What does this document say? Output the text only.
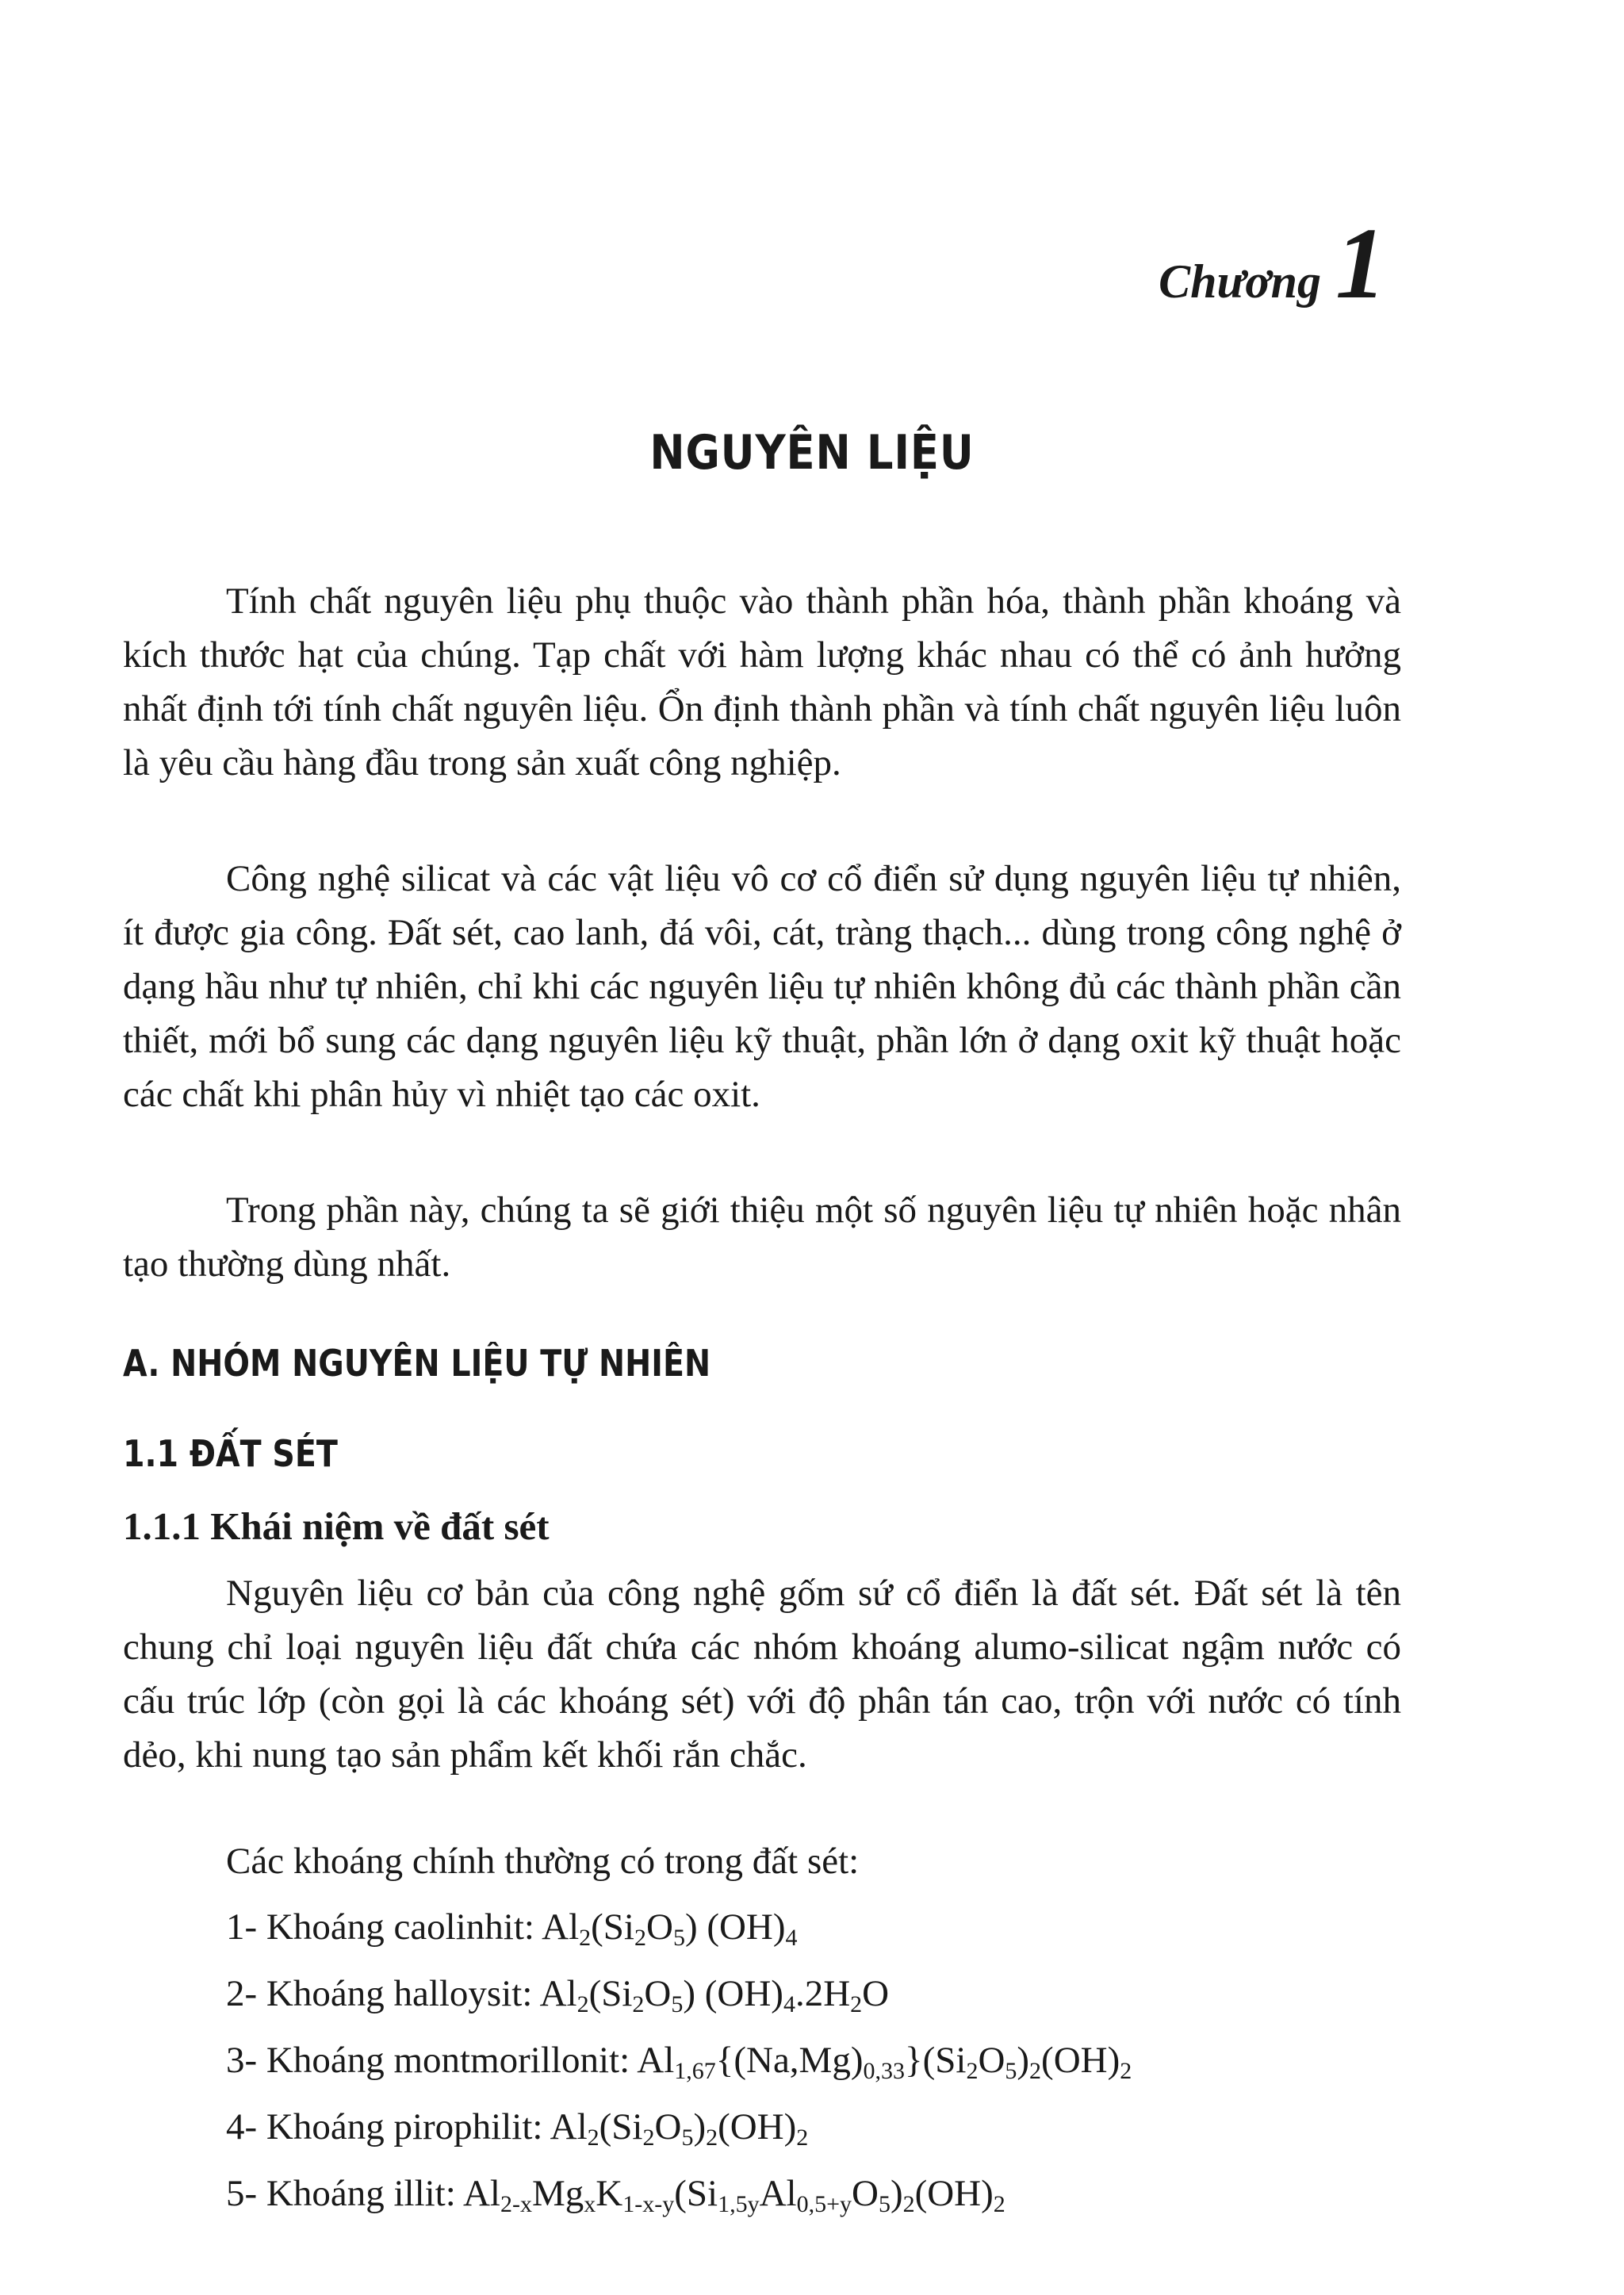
Chương 1
NGUYÊN LIỆU

Tính chất nguyên liệu phụ thuộc vào thành phần hóa, thành phần khoáng và kích thước hạt của chúng. Tạp chất với hàm lượng khác nhau có thể có ảnh hưởng nhất định tới tính chất nguyên liệu. Ổn định thành phần và tính chất nguyên liệu luôn là yêu cầu hàng đầu trong sản xuất công nghiệp.

Công nghệ silicat và các vật liệu vô cơ cổ điển sử dụng nguyên liệu tự nhiên, ít được gia công. Đất sét, cao lanh, đá vôi, cát, tràng thạch... dùng trong công nghệ ở dạng hầu như tự nhiên, chỉ khi các nguyên liệu tự nhiên không đủ các thành phần cần thiết, mới bổ sung các dạng nguyên liệu kỹ thuật, phần lớn ở dạng oxit kỹ thuật hoặc các chất khi phân hủy vì nhiệt tạo các oxit.

Trong phần này, chúng ta sẽ giới thiệu một số nguyên liệu tự nhiên hoặc nhân tạo thường dùng nhất.

A. NHÓM NGUYÊN LIỆU TỰ NHIÊN
1.1 ĐẤT SÉT
1.1.1 Khái niệm về đất sét

Nguyên liệu cơ bản của công nghệ gốm sứ cổ điển là đất sét. Đất sét là tên chung chỉ loại nguyên liệu đất chứa các nhóm khoáng alumo-silicat ngậm nước có cấu trúc lớp (còn gọi là các khoáng sét) với độ phân tán cao, trộn với nước có tính dẻo, khi nung tạo sản phẩm kết khối rắn chắc.

Các khoáng chính thường có trong đất sét:
1- Khoáng caolinhit: $Al_2(Si_2O_5)$ $(OH)_4$
2- Khoáng halloysit: $Al_2(Si_2O_5)$ $(OH)_4.2H_2O$
3- Khoáng montmorillonit: $Al_{1,67}\{(Na,Mg)_{0,33}\}(Si_2O_5)_2(OH)_2$
4- Khoáng pirophilit: $Al_2(Si_2O_5)_2(OH)_2$
5- Khoáng illit: $Al_{2-x}Mg_xK_{1-x-y}(Si_{1,5y}Al_{0,5+y}O_5)_2(OH)_2$
